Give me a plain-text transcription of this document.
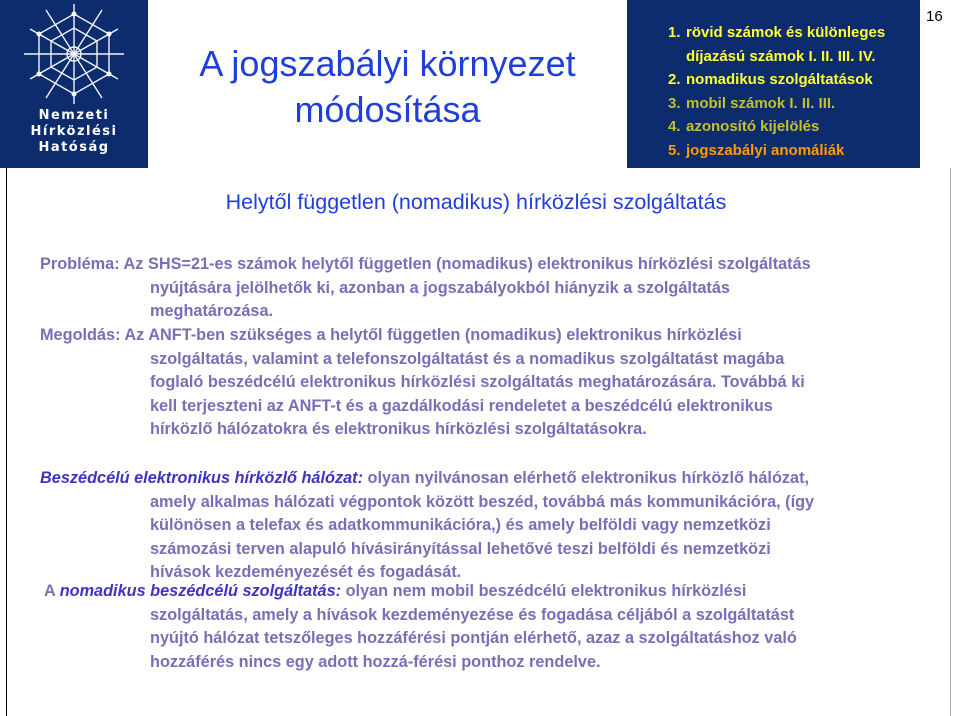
Nemzeti
Hírközlési
Hatóság
A jogszabályi környezet
módosítása
1. rövid számok és különleges
díjazású számok I. II. III. IV.
2. nomadikus szolgáltatások
3. mobil számok I. II. III.
4. azonosító kijelölés
5. jogszabályi anomáliák
16
Helytől független (nomadikus) hírközlési szolgáltatás

Probléma: Az SHS=21-es számok helytől független (nomadikus) elektronikus hírközlési szolgáltatás
nyújtására jelölhetők ki, azonban a jogszabályokból hiányzik a szolgáltatás
meghatározása.

Megoldás: Az ANFT-ben szükséges a helytől független (nomadikus) elektronikus hírközlési
szolgáltatás, valamint a telefonszolgáltatást és a nomadikus szolgáltatást magába
foglaló beszédcélú elektronikus hírközlési szolgáltatás meghatározására. Továbbá ki
kell terjeszteni az ANFT-t és a gazdálkodási rendeletet a beszédcélú elektronikus
hírközlő hálózatokra és elektronikus hírközlési szolgáltatásokra.

Beszédcélú elektronikus hírközlő hálózat: olyan nyilvánosan elérhető elektronikus hírközlő hálózat,
amely alkalmas hálózati végpontok között beszéd, továbbá más kommunikációra, (így
különösen a telefax és adatkommunikációra,) és amely belföldi vagy nemzetközi
számozási terven alapuló hívásirányítással lehetővé teszi belföldi és nemzetközi
hívások kezdeményezését és fogadását.

A nomadikus beszédcélú szolgáltatás: olyan nem mobil beszédcélú elektronikus hírközlési
szolgáltatás, amely a hívások kezdeményezése és fogadása céljából a szolgáltatást
nyújtó hálózat tetszőleges hozzáférési pontján elérhető, azaz a szolgáltatáshoz való
hozzáférés nincs egy adott hozzá-férési ponthoz rendelve.
